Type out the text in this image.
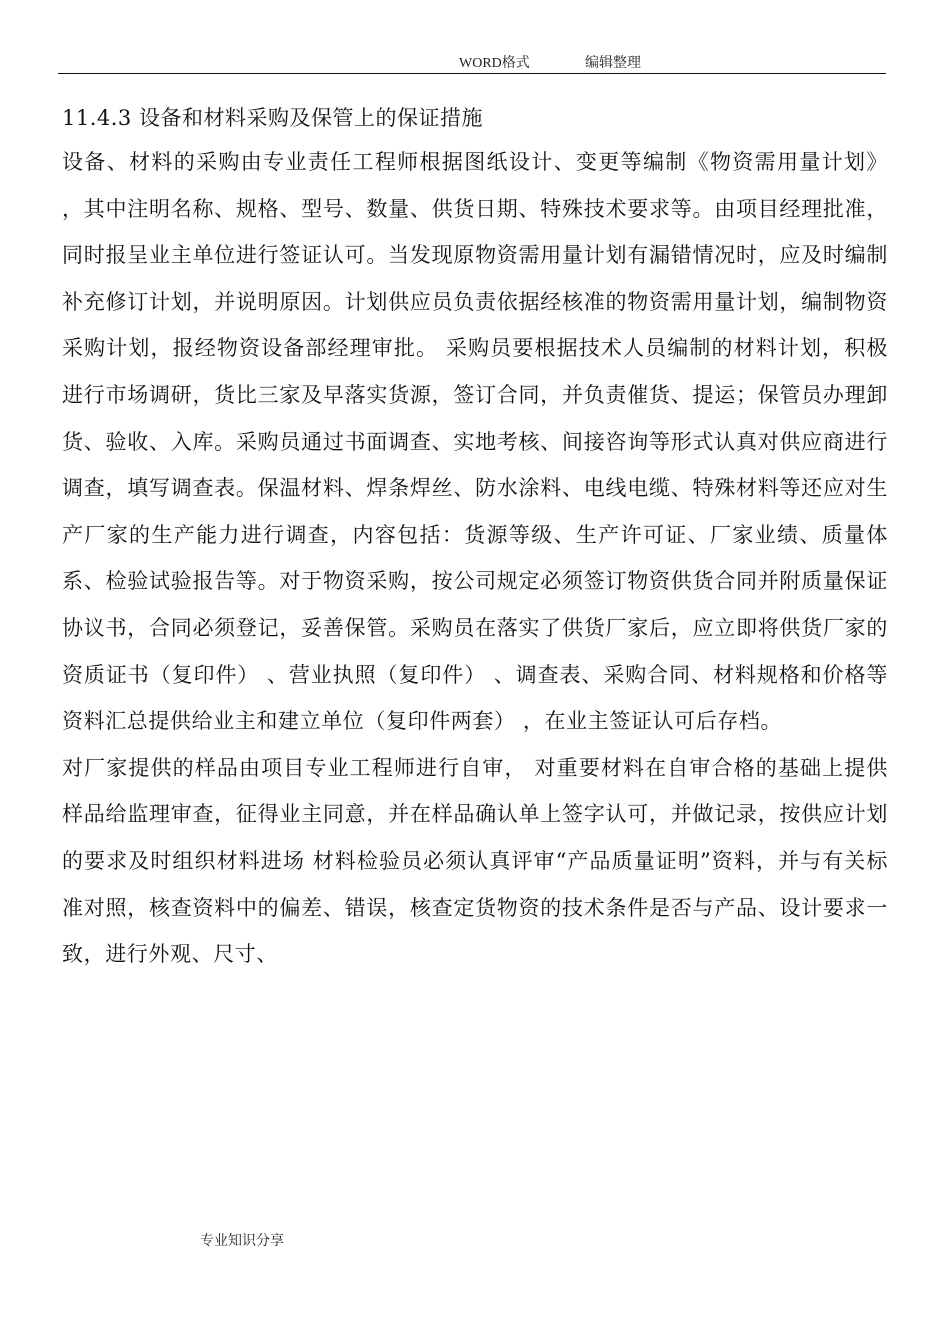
WORD格式	编辑整理
11.4.3 设备和材料采购及保管上的保证措施

设备、材料的采购由专业责任工程师根据图纸设计、变更等编制《物资需用量计划》 ，其中注明名称、规格、型号、数量、供货日期、特殊技术要求等。由项目经理批准，同时报呈业主单位进行签证认可。当发现原物资需用量计划有漏错情况时，应及时编制补充修订计划，并说明原因。计划供应员负责依据经核准的物资需用量计划，编制物资采购计划，报经物资设备部经理审批。 采购员要根据技术人员编制的材料计划，积极进行市场调研，货比三家及早落实货源，签订合同，并负责催货、提运；保管员办理卸货、验收、入库。采购员通过书面调查、实地考核、间接咨询等形式认真对供应商进行调查，填写调查表。保温材料、焊条焊丝、防水涂料、电线电缆、特殊材料等还应对生产厂家的生产能力进行调查，内容包括：货源等级、生产许可证、厂家业绩、质量体系、检验试验报告等。对于物资采购，按公司规定必须签订物资供货合同并附质量保证协议书，合同必须登记，妥善保管。采购员在落实了供货厂家后，应立即将供货厂家的资质证书（复印件） 、营业执照（复印件） 、调查表、采购合同、材料规格和价格等资料汇总提供给业主和建立单位（复印件两套） ，在业主签证认可后存档。

对厂家提供的样品由项目专业工程师进行自审， 对重要材料在自审合格的基础上提供样品给监理审查，征得业主同意，并在样品确认单上签字认可，并做记录，按供应计划的要求及时组织材料进场 材料检验员必须认真评审“产品质量证明”资料，并与有关标准对照，核查资料中的偏差、错误，核查定货物资的技术条件是否与产品、设计要求一致，进行外观、尺寸、

专业知识分享
